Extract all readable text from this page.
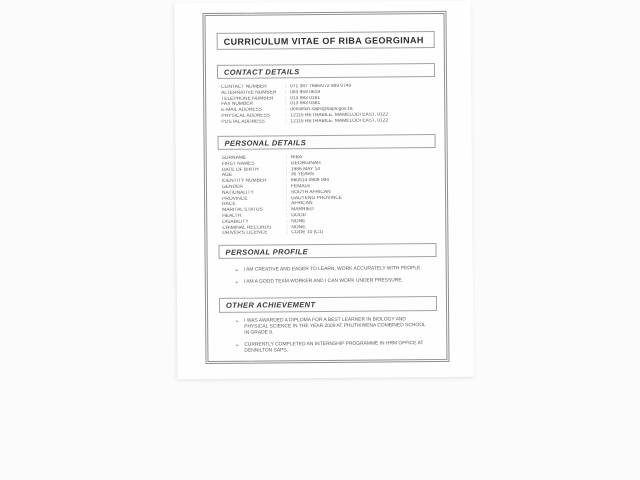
CURRICULUM VITAE OF RIBA GEORGINAH
CONTACT DETAILS
CONTACT NUMBER	: 071 387 7666/072 989 0740
ALTERNATIVE NUMBER	: 083 959 0619
TELEPHONE NUMBER	: 013 983 0161
FAX NUMBER	: 013 983 0381
E-MAIL ADDRESS	: dennilton.saps@saps.gov.za
PHYSICAL ADDRESS	: 12115 RETHABILE, MAMELODI EAST, 0122
POSTAL ADDRESS	: 12115 RETHABILE, MAMELODI EAST, 0122
PERSONAL DETAILS
SURNAME	: RIBA
FIRST NAMES	: GEORGINAH
DATE OF BIRTH	: 1986 MAY 14
AGE	: 30 YEARS
IDENTITY NUMBER	: 860514 0909 084
GENDER	: FEMALE
NATIONALITY	: SOUTH AFRICAN
PROVINCE	: GAUTENG PROVINCE
RACE	: AFRICAN
MARITAL STATUS	: MARRIED
HEALTH	: GOOD
DISABILITY	: NONE
CRIMINAL RECORDS	: NONE
DRIVER'S LICENCE	: CODE 10 (C1)
PERSONAL PROFILE
➢	I AM CREATIVE AND EAGER TO LEARN, WORK ACCURATELY WITH PEOPLE.
➢	I AM A GOOD TEAM WORKER AND I CAN WORK UNDER PRESSURE.
OTHER ACHIEVEMENT
➢	I WAS AWARDED A DIPLOMA FOR A BEST LEARNER IN BIOLOGY AND PHYSICAL SCIENCE IN THE YEAR 2009 AT PHUTIKWENA COMBINED SCHOOL IN GRADE 9.
➢	CURRENTLY COMPLETED AN INTERNSHIP PROGRAMME IN HRM OFFICE AT DENNILTON SAPS.
